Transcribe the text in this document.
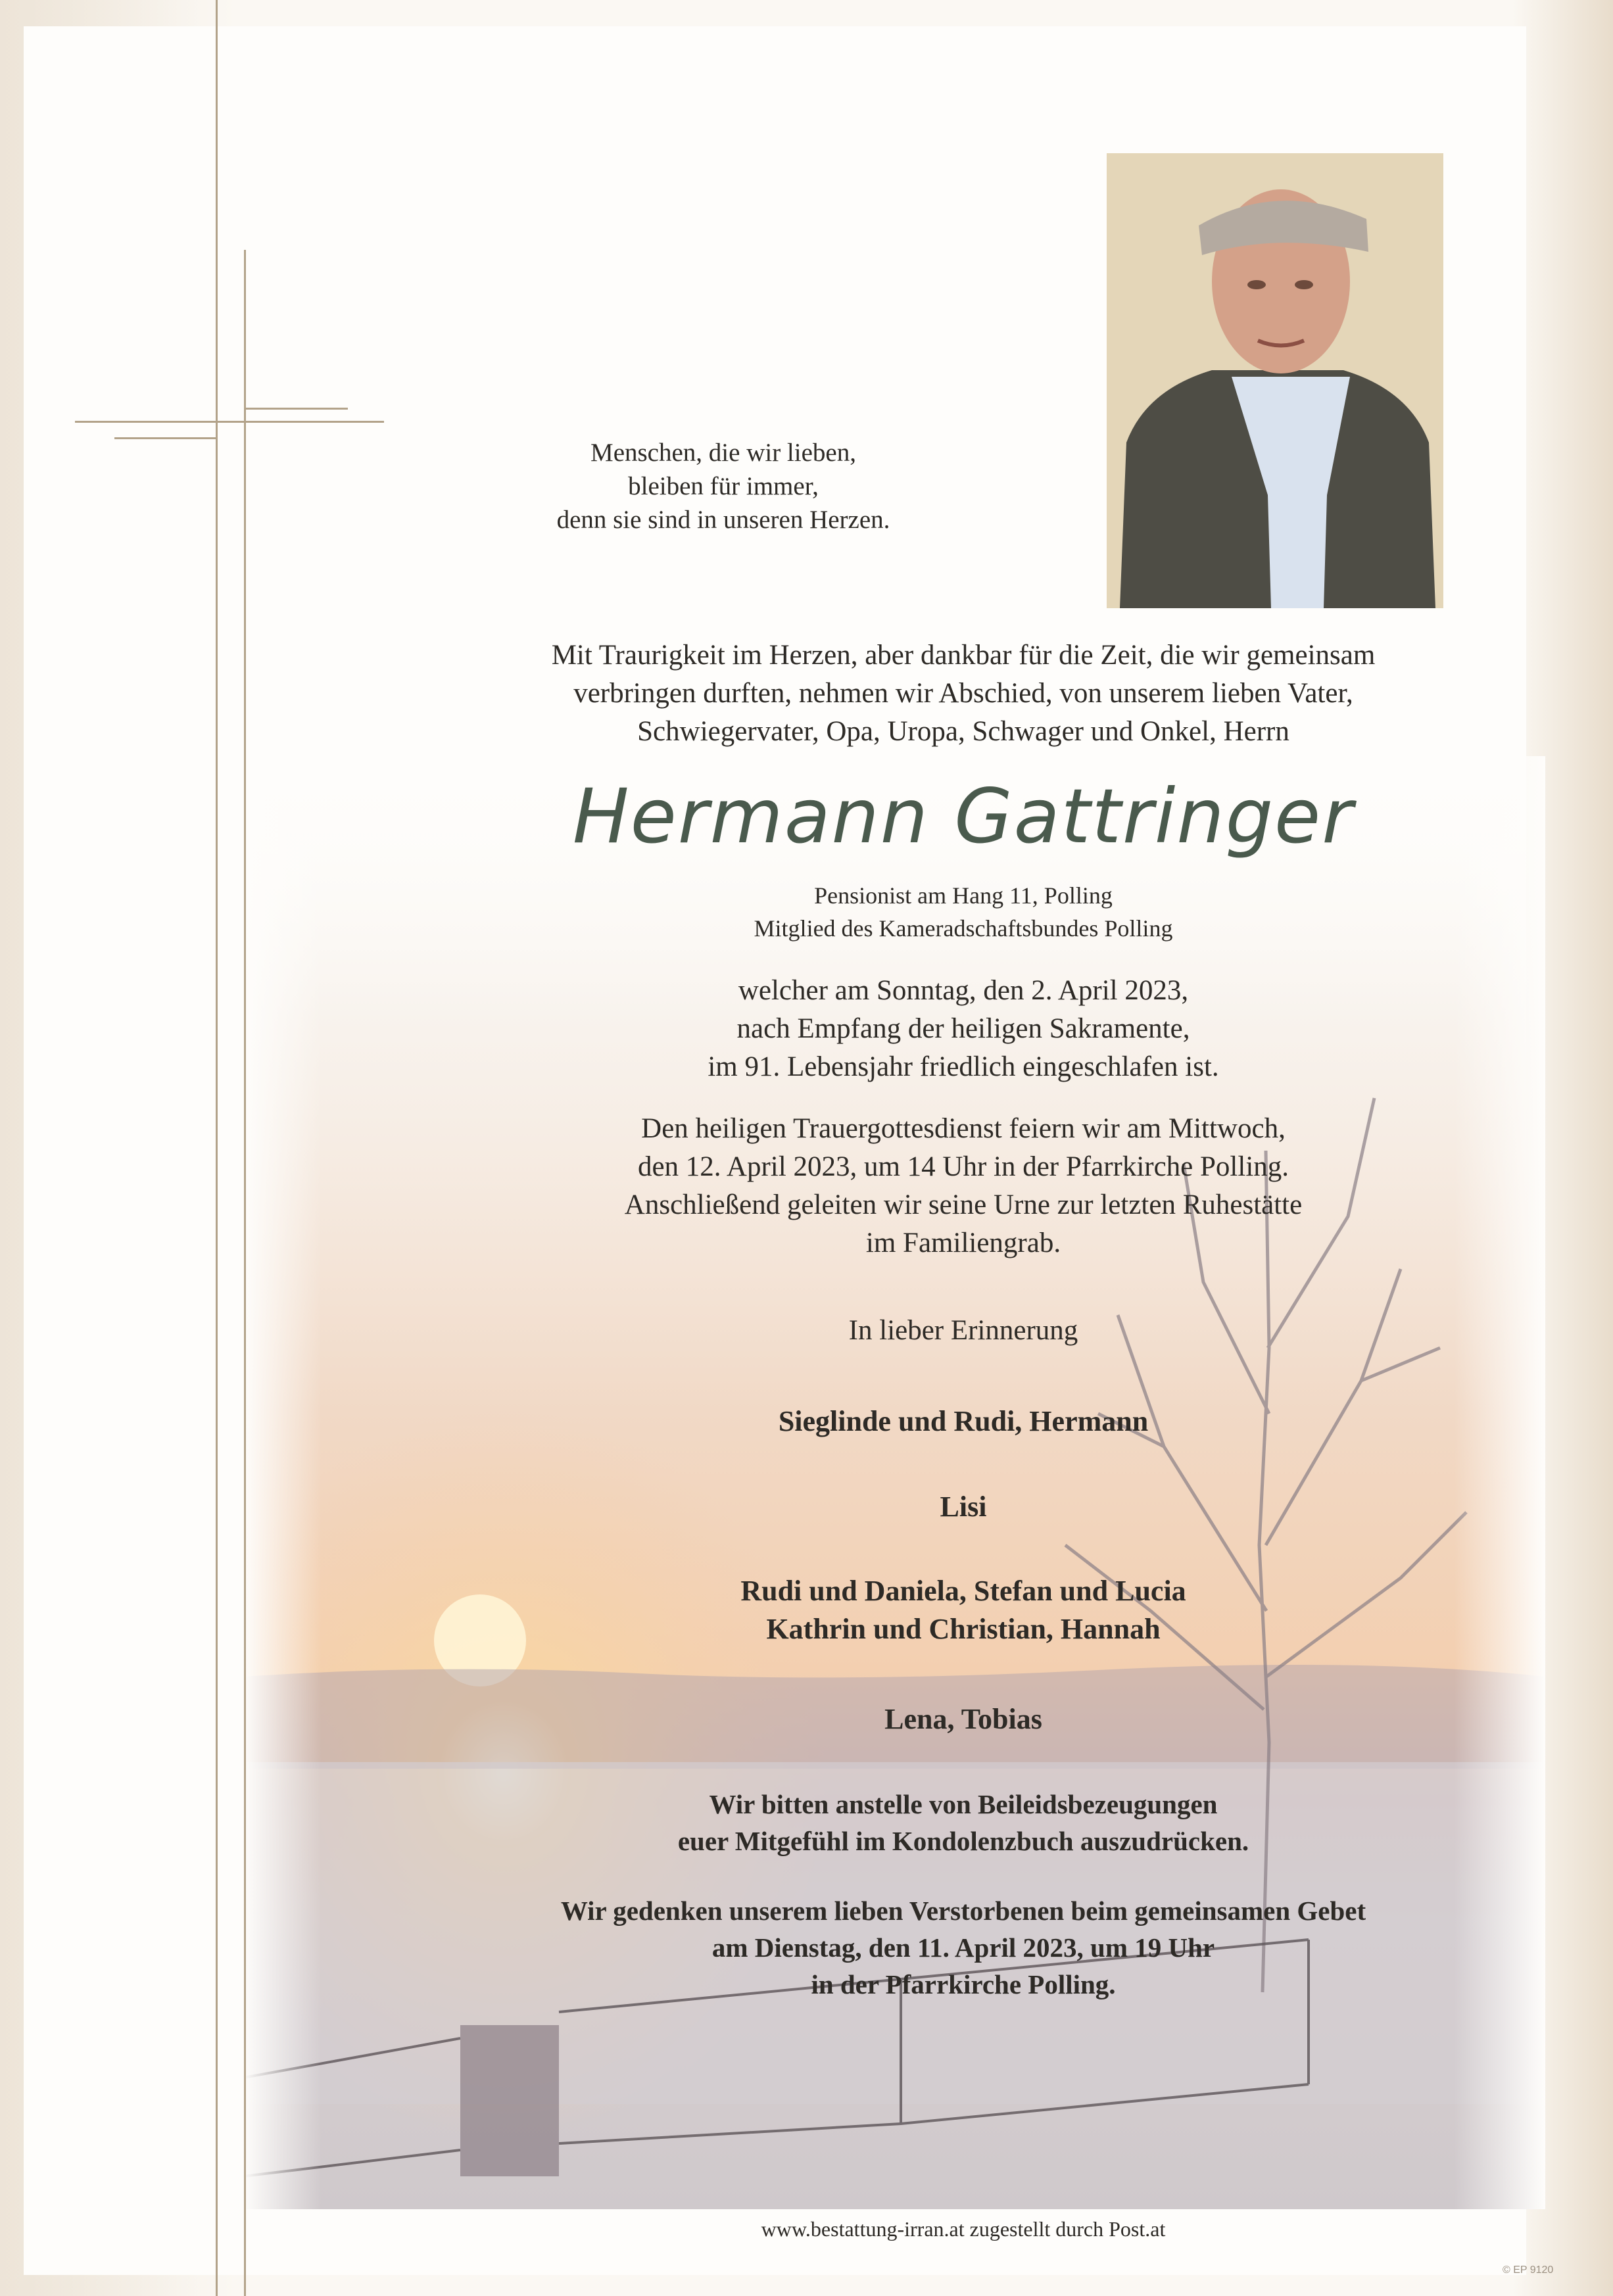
Menschen, die wir lieben,
bleiben für immer,
denn sie sind in unseren Herzen.
Mit Traurigkeit im Herzen, aber dankbar für die Zeit, die wir gemeinsam
verbringen durften, nehmen wir Abschied, von unserem lieben Vater,
Schwiegervater, Opa, Uropa, Schwager und Onkel, Herrn
Hermann Gattringer
Pensionist am Hang 11, Polling
Mitglied des Kameradschaftsbundes Polling
welcher am Sonntag, den 2. April 2023,
nach Empfang der heiligen Sakramente,
im 91. Lebensjahr friedlich eingeschlafen ist.
Den heiligen Trauergottesdienst feiern wir am Mittwoch,
den 12. April 2023, um 14 Uhr in der Pfarrkirche Polling.
Anschließend geleiten wir seine Urne zur letzten Ruhestätte
im Familiengrab.
In lieber Erinnerung
Sieglinde und Rudi, Hermann
Lisi
Rudi und Daniela, Stefan und Lucia
Kathrin und Christian, Hannah
Lena, Tobias
Wir bitten anstelle von Beileidsbezeugungen
euer Mitgefühl im Kondolenzbuch auszudrücken.
Wir gedenken unserem lieben Verstorbenen beim gemeinsamen Gebet
am Dienstag, den 11. April 2023, um 19 Uhr
in der Pfarrkirche Polling.
www.bestattung-irran.at zugestellt durch Post.at
© EP 9120
